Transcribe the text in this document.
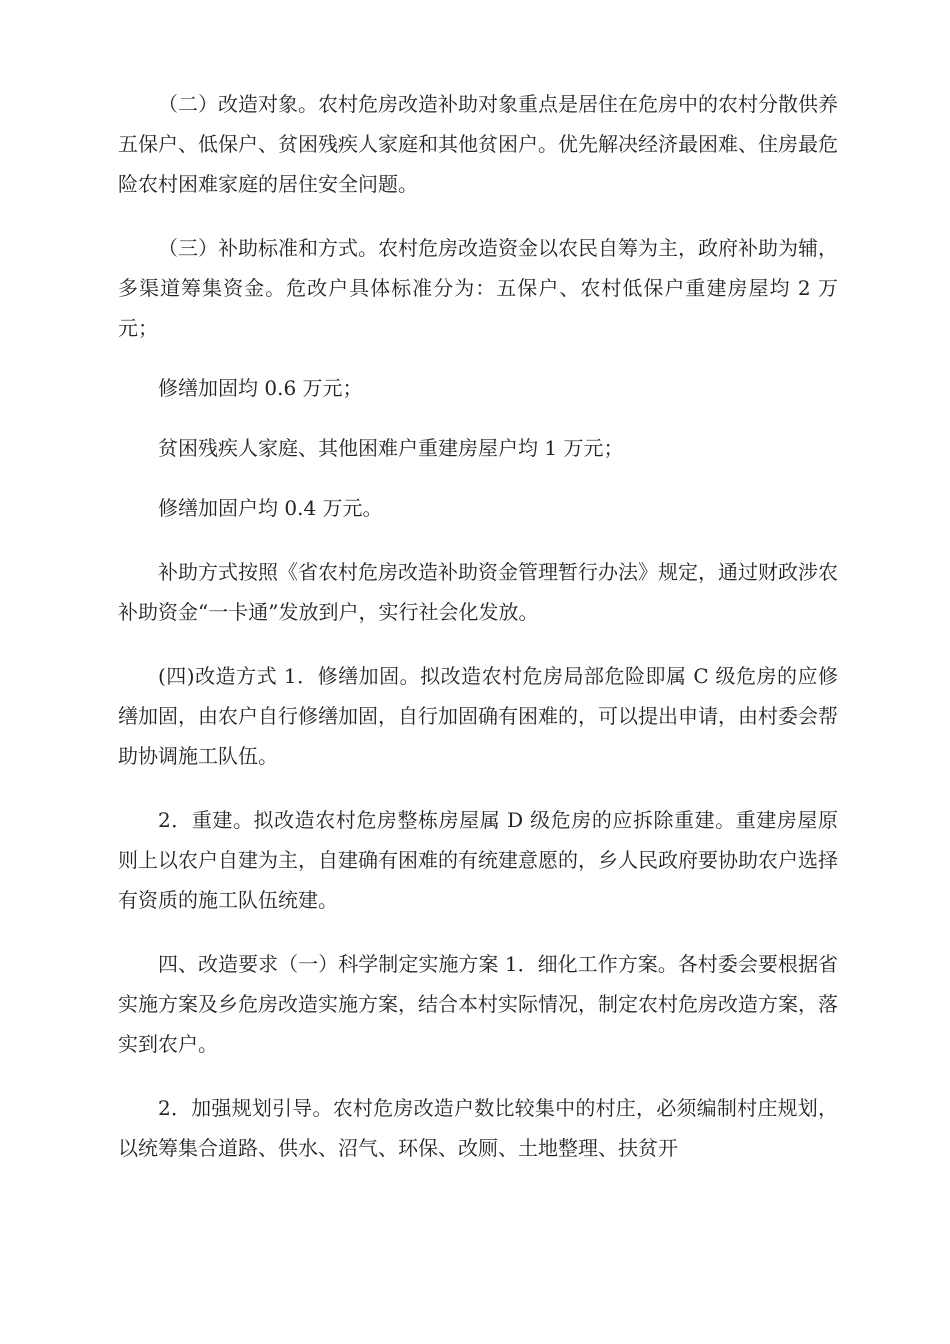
（二）改造对象。农村危房改造补助对象重点是居住在危房中的农村分散供养五保户、低保户、贫困残疾人家庭和其他贫困户。优先解决经济最困难、住房最危险农村困难家庭的居住安全问题。

（三）补助标准和方式。农村危房改造资金以农民自筹为主，政府补助为辅，多渠道筹集资金。危改户具体标准分为：五保户、农村低保户重建房屋均 2 万元；

修缮加固均 0.6 万元；

贫困残疾人家庭、其他困难户重建房屋户均 1 万元；

修缮加固户均 0.4 万元。

补助方式按照《省农村危房改造补助资金管理暂行办法》规定，通过财政涉农补助资金“一卡通”发放到户，实行社会化发放。

(四)改造方式 1．修缮加固。拟改造农村危房局部危险即属 C 级危房的应修缮加固，由农户自行修缮加固，自行加固确有困难的，可以提出申请，由村委会帮助协调施工队伍。

2．重建。拟改造农村危房整栋房屋属 D 级危房的应拆除重建。重建房屋原则上以农户自建为主，自建确有困难的有统建意愿的，乡人民政府要协助农户选择有资质的施工队伍统建。

四、改造要求（一）科学制定实施方案 1．细化工作方案。各村委会要根据省实施方案及乡危房改造实施方案，结合本村实际情况，制定农村危房改造方案，落实到农户。

2．加强规划引导。农村危房改造户数比较集中的村庄，必须编制村庄规划，以统筹集合道路、供水、沼气、环保、改厕、土地整理、扶贫开
